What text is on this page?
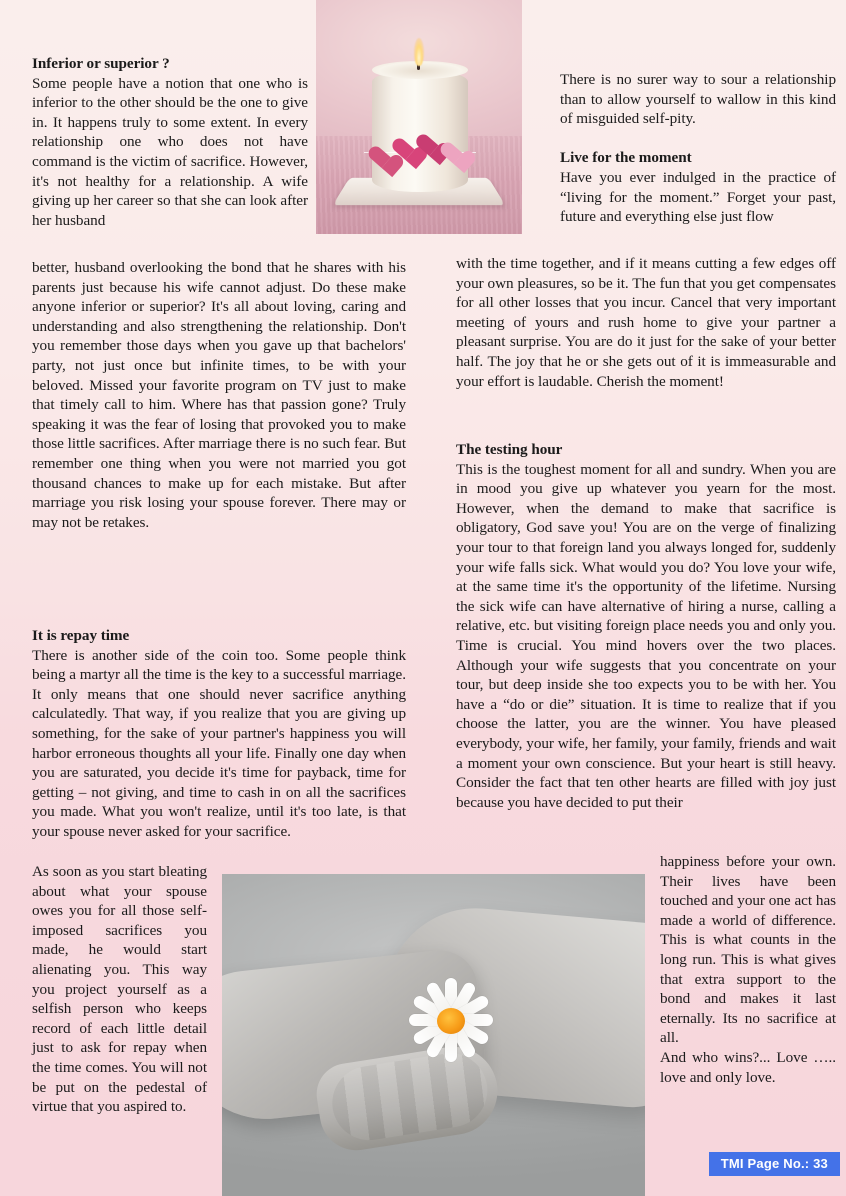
Inferior or superior ?

Some people have a notion that one who is inferior to the other should be the one to give in. It happens truly to some extent. In every relationship one who does not have command is the victim of sacrifice. However, it's not healthy for a relationship. A wife giving up her career so that she can look after her husband

better, husband overlooking the bond that he shares with his parents just because his wife cannot adjust. Do these make anyone inferior or superior? It's all about loving, caring and understanding and also strengthening the relationship. Don't you remember those days when you gave up that bachelors' party, not just once but infinite times, to be with your beloved. Missed your favorite program on TV just to make that timely call to him. Where has that passion gone? Truly speaking it was the fear of losing that provoked you to make those little sacrifices. After marriage there is no such fear. But remember one thing when you were not married you got thousand chances to make up for each mistake. But after marriage you risk losing your spouse forever. There may or may not be retakes.

It is repay time

There is another side of the coin too. Some people think being a martyr all the time is the key to a successful marriage. It only means that one should never sacrifice anything calculatedly. That way, if you realize that you are giving up something, for the sake of your partner's happiness you will harbor erroneous thoughts all your life. Finally one day when you are saturated, you decide it's time for payback, time for getting – not giving, and time to cash in on all the sacrifices you made. What you won't realize, until it's too late, is that your spouse never asked for your sacrifice.

As soon as you start bleating about what your spouse owes you for all those self-imposed sacrifices you made, he would start alienating you. This way you project yourself as a selfish person who keeps record of each little detail just to ask for repay when the time comes. You will not be put on the pedestal of virtue that you aspired to.

There is no surer way to sour a relationship than to allow yourself to wallow in this kind of misguided self-pity.

Live for the moment

Have you ever indulged in the practice of “living for the moment.” Forget your past, future and everything else just flow

with the time together, and if it means cutting a few edges off your own pleasures, so be it. The fun that you get compensates for all other losses that you incur. Cancel that very important meeting of yours and rush home to give your partner a pleasant surprise. You are do it just for the sake of your better half. The joy that he or she gets out of it is immeasurable and your effort is laudable. Cherish the moment!

The testing hour

This is the toughest moment for all and sundry. When you are in mood you give up whatever you yearn for the most. However, when the demand to make that sacrifice is obligatory, God save you! You are on the verge of finalizing your tour to that foreign land you always longed for, suddenly your wife falls sick. What would you do? You love your wife, at the same time it's the opportunity of the lifetime. Nursing the sick wife can have alternative of hiring a nurse, calling a relative, etc. but visiting foreign place needs you and only you. Time is crucial. You mind hovers over the two places. Although your wife suggests that you concentrate on your tour, but deep inside she too expects you to be with her. You have a “do or die” situation. It is time to realize that if you choose the latter, you are the winner. You have pleased everybody, your wife, her family, your family, friends and wait a moment your own conscience. But your heart is still heavy. Consider the fact that ten other hearts are filled with joy just because you have decided to put their

happiness before your own. Their lives have been touched and your one act has made a world of difference. This is what counts in the long run. This is what gives that extra support to the bond and makes it last eternally. Its no sacrifice at all.

And who wins?... Love ….. love and only love.

TMI Page No.: 33
